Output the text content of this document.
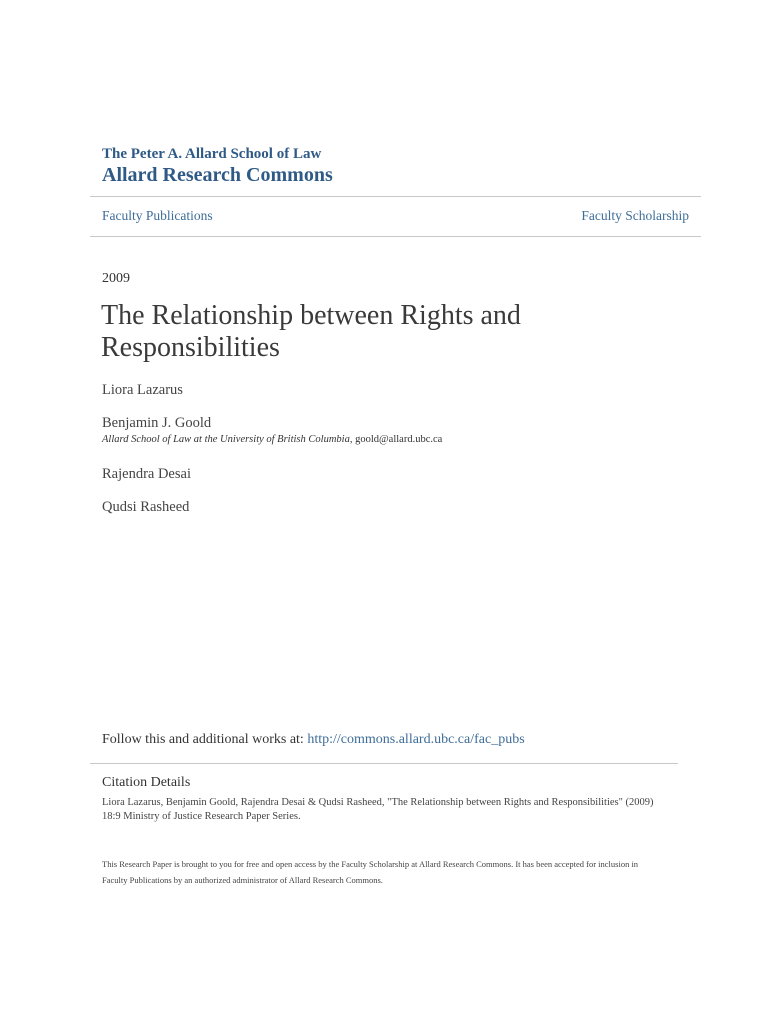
The Peter A. Allard School of Law

Allard Research Commons

Faculty Publications	Faculty Scholarship
2009
The Relationship between Rights and Responsibilities
Liora Lazarus
Benjamin J. Goold
Allard School of Law at the University of British Columbia, goold@allard.ubc.ca
Rajendra Desai
Qudsi Rasheed
Follow this and additional works at: http://commons.allard.ubc.ca/fac_pubs
Citation Details
Liora Lazarus, Benjamin Goold, Rajendra Desai & Qudsi Rasheed, "The Relationship between Rights and Responsibilities" (2009) 18:9 Ministry of Justice Research Paper Series.
This Research Paper is brought to you for free and open access by the Faculty Scholarship at Allard Research Commons. It has been accepted for inclusion in Faculty Publications by an authorized administrator of Allard Research Commons.
